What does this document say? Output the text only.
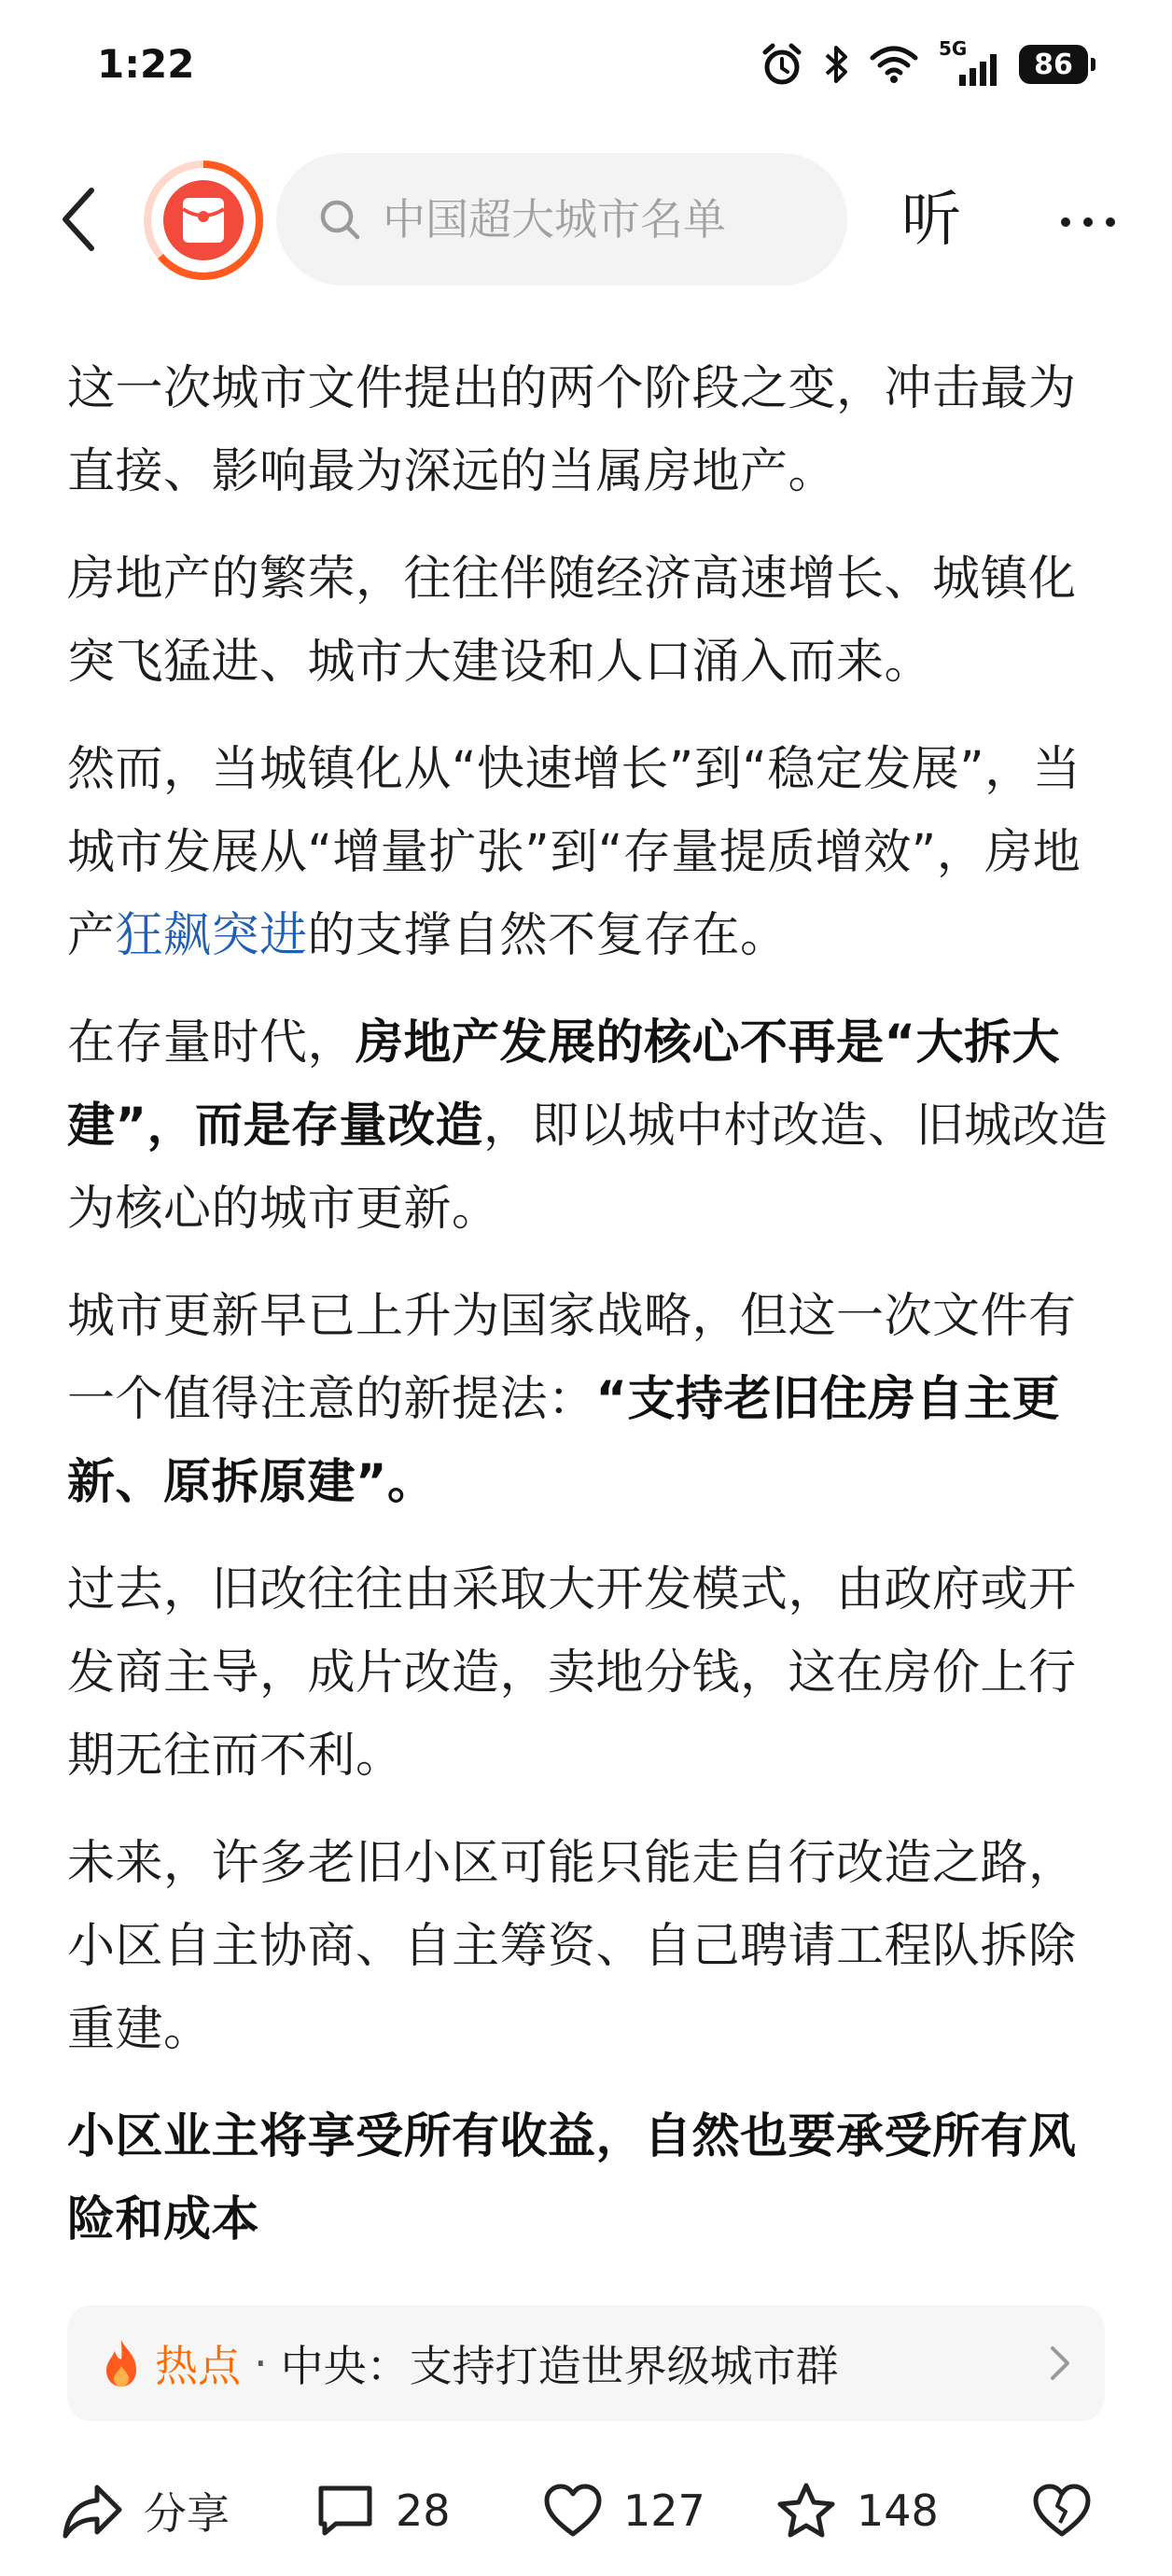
1:22	5G 86
中国超大城市名单
听

这一次城市文件提出的两个阶段之变，冲击最为直接、影响最为深远的当属房地产。

房地产的繁荣，往往伴随经济高速增长、城镇化突飞猛进、城市大建设和人口涌入而来。

然而，当城镇化从“快速增长”到“稳定发展”，当城市发展从“增量扩张”到“存量提质增效”，房地产狂飙突进的支撑自然不复存在。

在存量时代，房地产发展的核心不再是“大拆大建”，而是存量改造，即以城中村改造、旧城改造为核心的城市更新。

城市更新早已上升为国家战略，但这一次文件有一个值得注意的新提法：“支持老旧住房自主更新、原拆原建”。

过去，旧改往往由采取大开发模式，由政府或开发商主导，成片改造，卖地分钱，这在房价上行期无往而不利。

未来，许多老旧小区可能只能走自行改造之路，小区自主协商、自主筹资、自己聘请工程队拆除重建。

小区业主将享受所有收益，自然也要承受所有风险和成本

热点 · 中央：支持打造世界级城市群
分享	28	127	148
